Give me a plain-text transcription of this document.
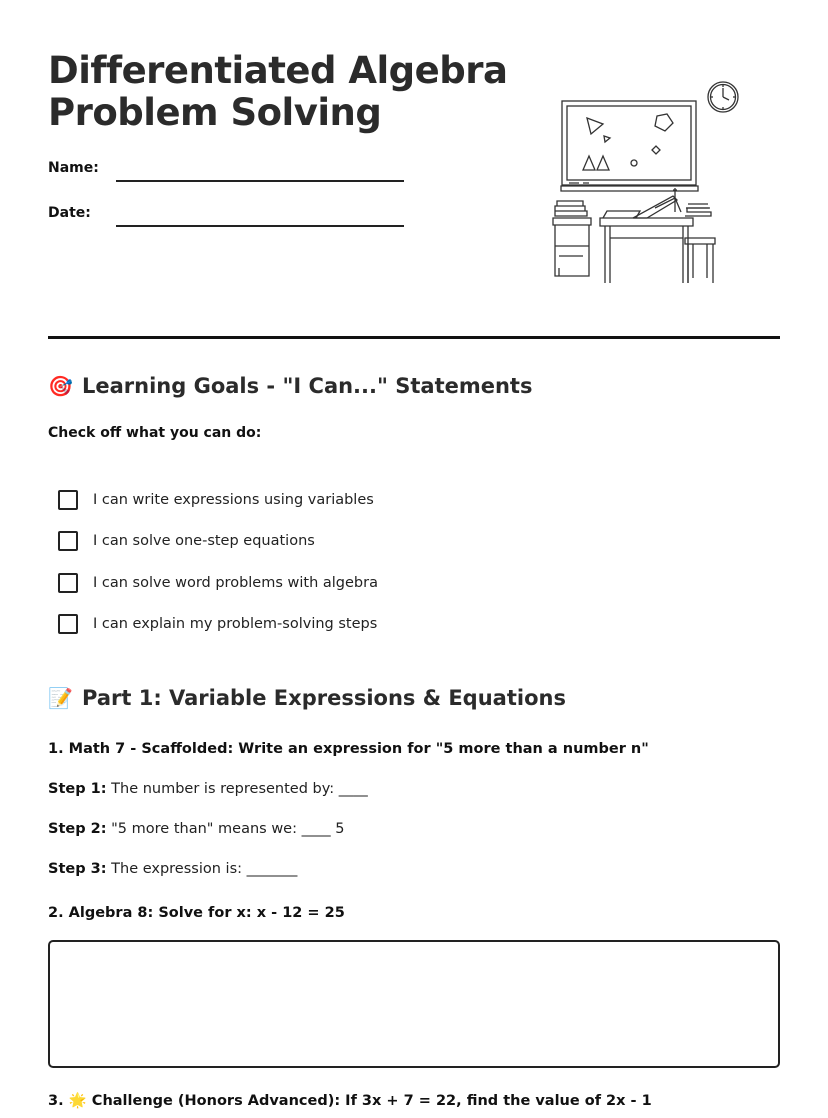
Differentiated Algebra
Problem Solving
Name:
Date:
🎯 Learning Goals - "I Can..." Statements
Check off what you can do:
I can write expressions using variables
I can solve one-step equations
I can solve word problems with algebra
I can explain my problem-solving steps
📝 Part 1: Variable Expressions & Equations
1. Math 7 - Scaffolded: Write an expression for "5 more than a number n"
Step 1: The number is represented by: ____
Step 2: "5 more than" means we: ____ 5
Step 3: The expression is: _______
2. Algebra 8: Solve for x: x - 12 = 25
3. 🌟 Challenge (Honors Advanced): If 3x + 7 = 22, find the value of 2x - 1
